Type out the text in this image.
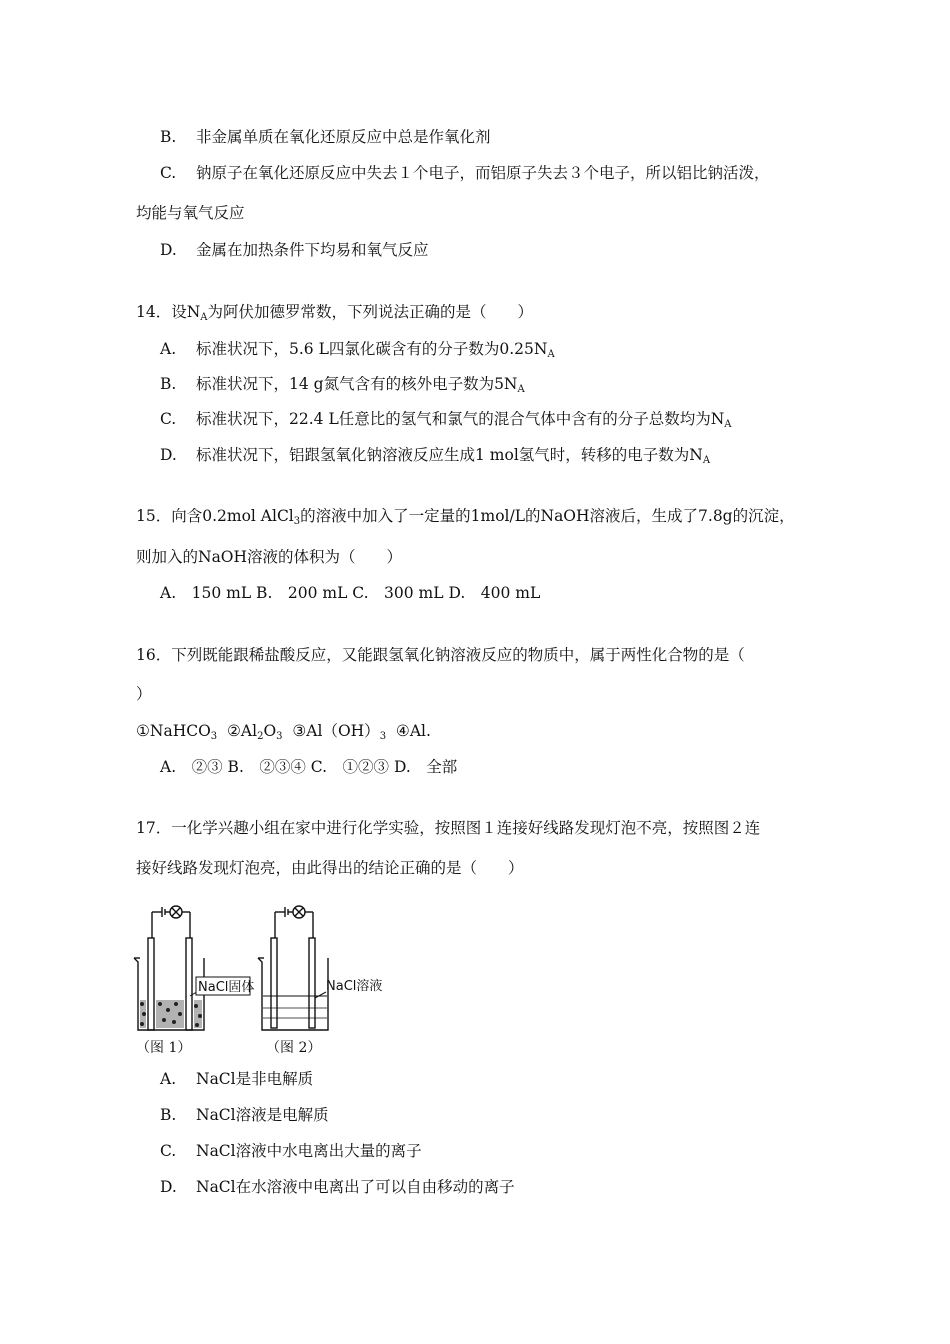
B. 非金属单质在氧化还原反应中总是作氧化剂
C. 钠原子在氧化还原反应中失去１个电子，而铝原子失去３个电子，所以铝比钠活泼，
均能与氧气反应
D. 金属在加热条件下均易和氧气反应
14．设$N_A$为阿伏加德罗常数，下列说法正确的是（　　）
A. 标准状况下，5.6 L四氯化碳含有的分子数为$0.25N_A$
B. 标准状况下，14 g氮气含有的核外电子数为$5N_A$
C. 标准状况下，22.4 L任意比的氢气和氯气的混合气体中含有的分子总数均为$N_A$
D. 标准状况下，铝跟氢氧化钠溶液反应生成1 mol氢气时，转移的电子数为$N_A$
15．向含0.2mol AlCl$_3$的溶液中加入了一定量的1mol/L的NaOH溶液后，生成了7.8g的沉淀，
则加入的NaOH溶液的体积为（　　）
A.　150 mL B.　200 mL C.　300 mL D.　400 mL
16．下列既能跟稀盐酸反应，又能跟氢氧化钠溶液反应的物质中，属于两性化合物的是（
）
①NaHCO$_3$ $②Al_2O_3$ $③Al(OH)_3$ ④Al.
A.　②③ B.　②③④ C.　①②③ D.　全部
17．一化学兴趣小组在家中进行化学实验，按照图１连接好线路发现灯泡不亮，按照图２连
接好线路发现灯泡亮，由此得出的结论正确的是（　　）
NaCl固体
（图 1）
NaCl溶液
（图 2）
A. NaCl是非电解质
B. NaCl溶液是电解质
C. NaCl溶液中水电离出大量的离子
D. NaCl在水溶液中电离出了可以自由移动的离子
